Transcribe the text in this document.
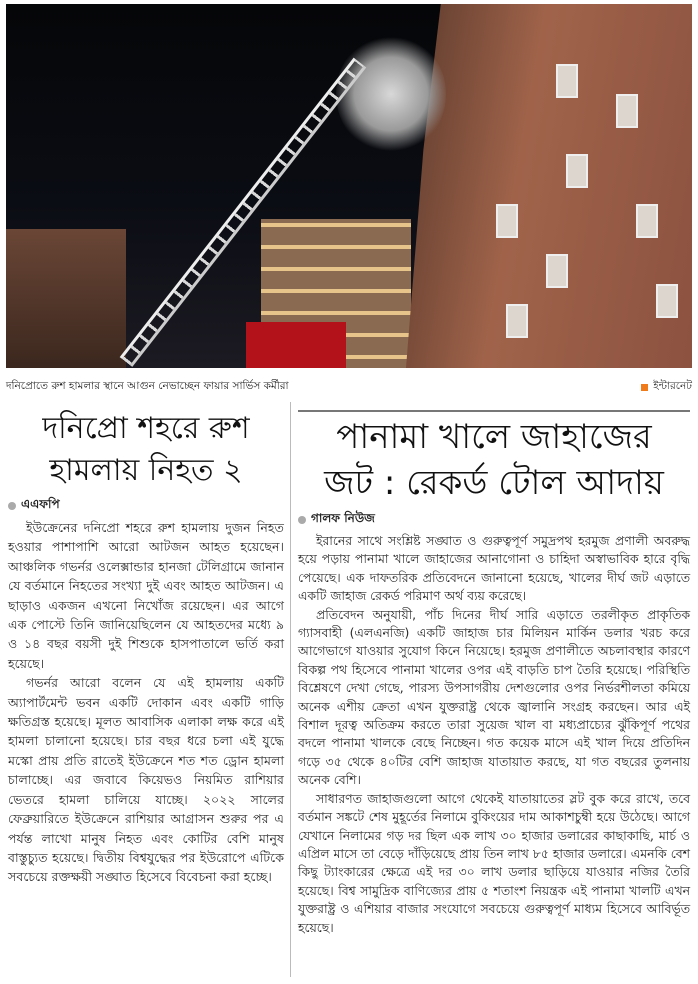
দনিপ্রোতে রুশ হামলার স্থানে আগুন নেভাচ্ছেন ফায়ার সার্ভিস কর্মীরা	ইন্টারনেট
দনিপ্রো শহরে রুশ
হামলায় নিহত ২
এএফপি

ইউক্রেনের দনিপ্রো শহরে রুশ হামলায় দুজন নিহত হওয়ার পাশাপাশি আরো আটজন আহত হয়েছেন। আঞ্চলিক গভর্নর ওলেক্সান্ডার হানজা টেলিগ্রামে জানান যে বর্তমানে নিহতের সংখ্যা দুই এবং আহত আটজন। এ ছাড়াও একজন এখনো নিখোঁজ রয়েছেন। এর আগে এক পোস্টে তিনি জানিয়েছিলেন যে আহতদের মধ্যে ৯ ও ১৪ বছর বয়সী দুই শিশুকে হাসপাতালে ভর্তি করা হয়েছে।

গভর্নর আরো বলেন যে এই হামলায় একটি অ্যাপার্টমেন্ট ভবন একটি দোকান এবং একটি গাড়ি ক্ষতিগ্রস্ত হয়েছে। মূলত আবাসিক এলাকা লক্ষ করে এই হামলা চালানো হয়েছে। চার বছর ধরে চলা এই যুদ্ধে মস্কো প্রায় প্রতি রাতেই ইউক্রেনে শত শত ড্রোন হামলা চালাচ্ছে। এর জবাবে কিয়েভও নিয়মিত রাশিয়ার ভেতরে হামলা চালিয়ে যাচ্ছে। ২০২২ সালের ফেব্রুয়ারিতে ইউক্রেনে রাশিয়ার আগ্রাসন শুরুর পর এ পর্যন্ত লাখো মানুষ নিহত এবং কোটির বেশি মানুষ বাস্তুচ্যুত হয়েছে। দ্বিতীয় বিশ্বযুদ্ধের পর ইউরোপে এটিকে সবচেয়ে রক্তক্ষয়ী সঙ্ঘাত হিসেবে বিবেচনা করা হচ্ছে।

পানামা খালে জাহাজের
জট : রেকর্ড টোল আদায়
গালফ নিউজ

ইরানের সাথে সংশ্লিষ্ট সঙ্ঘাত ও গুরুত্বপূর্ণ সমুদ্রপথ হরমুজ প্রণালী অবরুদ্ধ হয়ে পড়ায় পানামা খালে জাহাজের আনাগোনা ও চাহিদা অস্বাভাবিক হারে বৃদ্ধি পেয়েছে। এক দাফতরিক প্রতিবেদনে জানানো হয়েছে, খালের দীর্ঘ জট এড়াতে একটি জাহাজ রেকর্ড পরিমাণ অর্থ ব্যয় করেছে।

প্রতিবেদন অনুযায়ী, পাঁচ দিনের দীর্ঘ সারি এড়াতে তরলীকৃত প্রাকৃতিক গ্যাসবাহী (এলএনজি) একটি জাহাজ চার মিলিয়ন মার্কিন ডলার খরচ করে আগেভাগে যাওয়ার সুযোগ কিনে নিয়েছে। হরমুজ প্রণালীতে অচলাবস্থার কারণে বিকল্প পথ হিসেবে পানামা খালের ওপর এই বাড়তি চাপ তৈরি হয়েছে। পরিস্থিতি বিশ্লেষণে দেখা গেছে, পারস্য উপসাগরীয় দেশগুলোর ওপর নির্ভরশীলতা কমিয়ে অনেক এশীয় ক্রেতা এখন যুক্তরাষ্ট্র থেকে জ্বালানি সংগ্রহ করছেন। আর এই বিশাল দূরত্ব অতিক্রম করতে তারা সুয়েজ খাল বা মধ্যপ্রাচ্যের ঝুঁকিপূর্ণ পথের বদলে পানামা খালকে বেছে নিচ্ছেন। গত কয়েক মাসে এই খাল দিয়ে প্রতিদিন গড়ে ৩৫ থেকে ৪০টির বেশি জাহাজ যাতায়াত করছে, যা গত বছরের তুলনায় অনেক বেশি।

সাধারণত জাহাজগুলো আগে থেকেই যাতায়াতের স্লট বুক করে রাখে, তবে বর্তমান সঙ্কটে শেষ মুহূর্তের নিলামে বুকিংয়ের দাম আকাশচুম্বী হয়ে উঠেছে। আগে যেখানে নিলামের গড় দর ছিল এক লাখ ৩০ হাজার ডলারের কাছাকাছি, মার্চ ও এপ্রিল মাসে তা বেড়ে দাঁড়িয়েছে প্রায় তিন লাখ ৮৫ হাজার ডলারে। এমনকি বেশ কিছু ট্যাংকারের ক্ষেত্রে এই দর ৩০ লাখ ডলার ছাড়িয়ে যাওয়ার নজির তৈরি হয়েছে। বিশ্ব সামুদ্রিক বাণিজ্যের প্রায় ৫ শতাংশ নিয়ন্ত্রক এই পানামা খালটি এখন যুক্তরাষ্ট্র ও এশিয়ার বাজার সংযোগে সবচেয়ে গুরুত্বপূর্ণ মাধ্যম হিসেবে আবির্ভূত হয়েছে।
